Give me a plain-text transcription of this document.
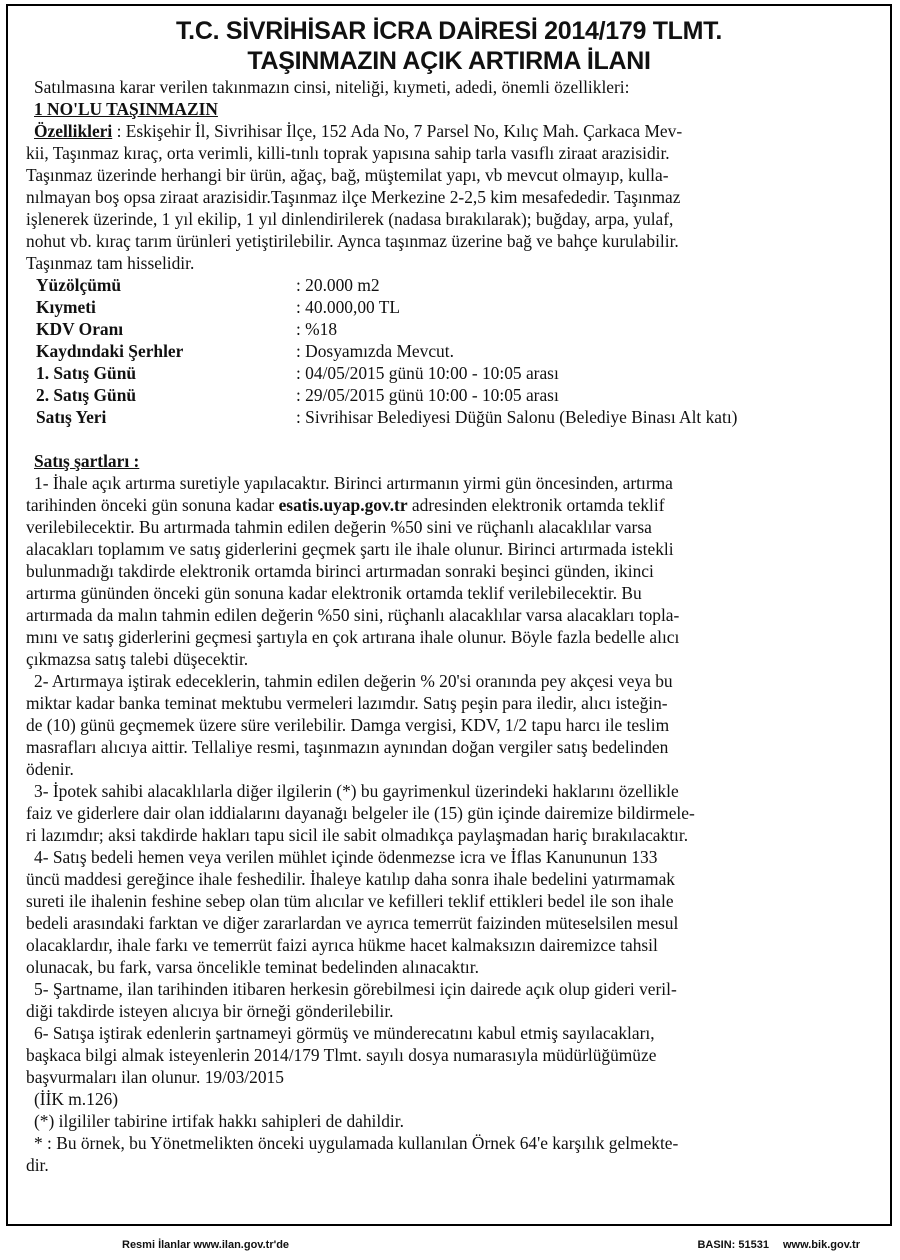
T.C. SİVRİHİSAR İCRA DAİRESİ 2014/179 TLMT.
TAŞINMAZIN AÇIK ARTIRMA İLANI

Satılmasına karar verilen takınmazın cinsi, niteliği, kıymeti, adedi, önemli özellikleri:

1 NO'LU TAŞINMAZIN

Özellikleri : Eskişehir İl, Sivrihisar İlçe, 152 Ada No, 7 Parsel No, Kılıç Mah. Çarkaca Mev-

kii, Taşınmaz kıraç, orta verimli, killi-tınlı toprak yapısına sahip tarla vasıflı ziraat arazisidir.

Taşınmaz üzerinde herhangi bir ürün, ağaç, bağ, müştemilat yapı, vb mevcut olmayıp, kulla-

nılmayan boş opsa ziraat arazisidir.Taşınmaz ilçe Merkezine 2-2,5 kim mesafededir. Taşınmaz

işlenerek üzerinde, 1 yıl ekilip, 1 yıl dinlendirilerek (nadasa bırakılarak); buğday, arpa, yulaf,

nohut vb. kıraç tarım ürünleri yetiştirilebilir. Aynca taşınmaz üzerine bağ ve bahçe kurulabilir.

Taşınmaz tam hisselidir.

Yüzölçümü	: 20.000 m2
Kıymeti	: 40.000,00 TL
KDV Oranı	: %18
Kaydındaki Şerhler	: Dosyamızda Mevcut.
1. Satış Günü	: 04/05/2015 günü 10:00 - 10:05 arası
2. Satış Günü	: 29/05/2015 günü 10:00 - 10:05 arası
Satış Yeri	: Sivrihisar Belediyesi Düğün Salonu (Belediye Binası Alt katı)

Satış şartları :

1- İhale açık artırma suretiyle yapılacaktır. Birinci artırmanın yirmi gün öncesinden, artırma

tarihinden önceki gün sonuna kadar esatis.uyap.gov.tr adresinden elektronik ortamda teklif

verilebilecektir. Bu artırmada tahmin edilen değerin %50 sini ve rüçhanlı alacaklılar varsa

alacakları toplamım ve satış giderlerini geçmek şartı ile ihale olunur. Birinci artırmada istekli

bulunmadığı takdirde elektronik ortamda birinci artırmadan sonraki beşinci günden, ikinci

artırma gününden önceki gün sonuna kadar elektronik ortamda teklif verilebilecektir. Bu

artırmada da malın tahmin edilen değerin %50 sini, rüçhanlı alacaklılar varsa alacakları topla-

mını ve satış giderlerini geçmesi şartıyla en çok artırana ihale olunur. Böyle fazla bedelle alıcı

çıkmazsa satış talebi düşecektir.

2- Artırmaya iştirak edeceklerin, tahmin edilen değerin % 20'si oranında pey akçesi veya bu

miktar kadar banka teminat mektubu vermeleri lazımdır. Satış peşin para iledir, alıcı isteğin-

de (10) günü geçmemek üzere süre verilebilir. Damga vergisi, KDV, 1/2 tapu harcı ile teslim

masrafları alıcıya aittir. Tellaliye resmi, taşınmazın aynından doğan vergiler satış bedelinden

ödenir.

3- İpotek sahibi alacaklılarla diğer ilgilerin (*) bu gayrimenkul üzerindeki haklarını özellikle

faiz ve giderlere dair olan iddialarını dayanağı belgeler ile (15) gün içinde dairemize bildirmele-

ri lazımdır; aksi takdirde hakları tapu sicil ile sabit olmadıkça paylaşmadan hariç bırakılacaktır.

4- Satış bedeli hemen veya verilen mühlet içinde ödenmezse icra ve İflas Kanununun 133

üncü maddesi gereğince ihale feshedilir. İhaleye katılıp daha sonra ihale bedelini yatırmamak

sureti ile ihalenin feshine sebep olan tüm alıcılar ve kefilleri teklif ettikleri bedel ile son ihale

bedeli arasındaki farktan ve diğer zararlardan ve ayrıca temerrüt faizinden müteselsilen mesul

olacaklardır, ihale farkı ve temerrüt faizi ayrıca hükme hacet kalmaksızın dairemizce tahsil

olunacak, bu fark, varsa öncelikle teminat bedelinden alınacaktır.

5- Şartname, ilan tarihinden itibaren herkesin görebilmesi için dairede açık olup gideri veril-

diği takdirde isteyen alıcıya bir örneği gönderilebilir.

6- Satışa iştirak edenlerin şartnameyi görmüş ve münderecatını kabul etmiş sayılacakları,

başkaca bilgi almak isteyenlerin 2014/179 Tlmt. sayılı dosya numarasıyla müdürlüğümüze

başvurmaları ilan olunur. 19/03/2015

(İİK m.126)

(*) ilgililer tabirine irtifak hakkı sahipleri de dahildir.

* : Bu örnek, bu Yönetmelikten önceki uygulamada kullanılan Örnek 64'e karşılık gelmekte-

dir.

Resmi İlanlar www.ilan.gov.tr'de	BASIN: 51531 www.bik.gov.tr
